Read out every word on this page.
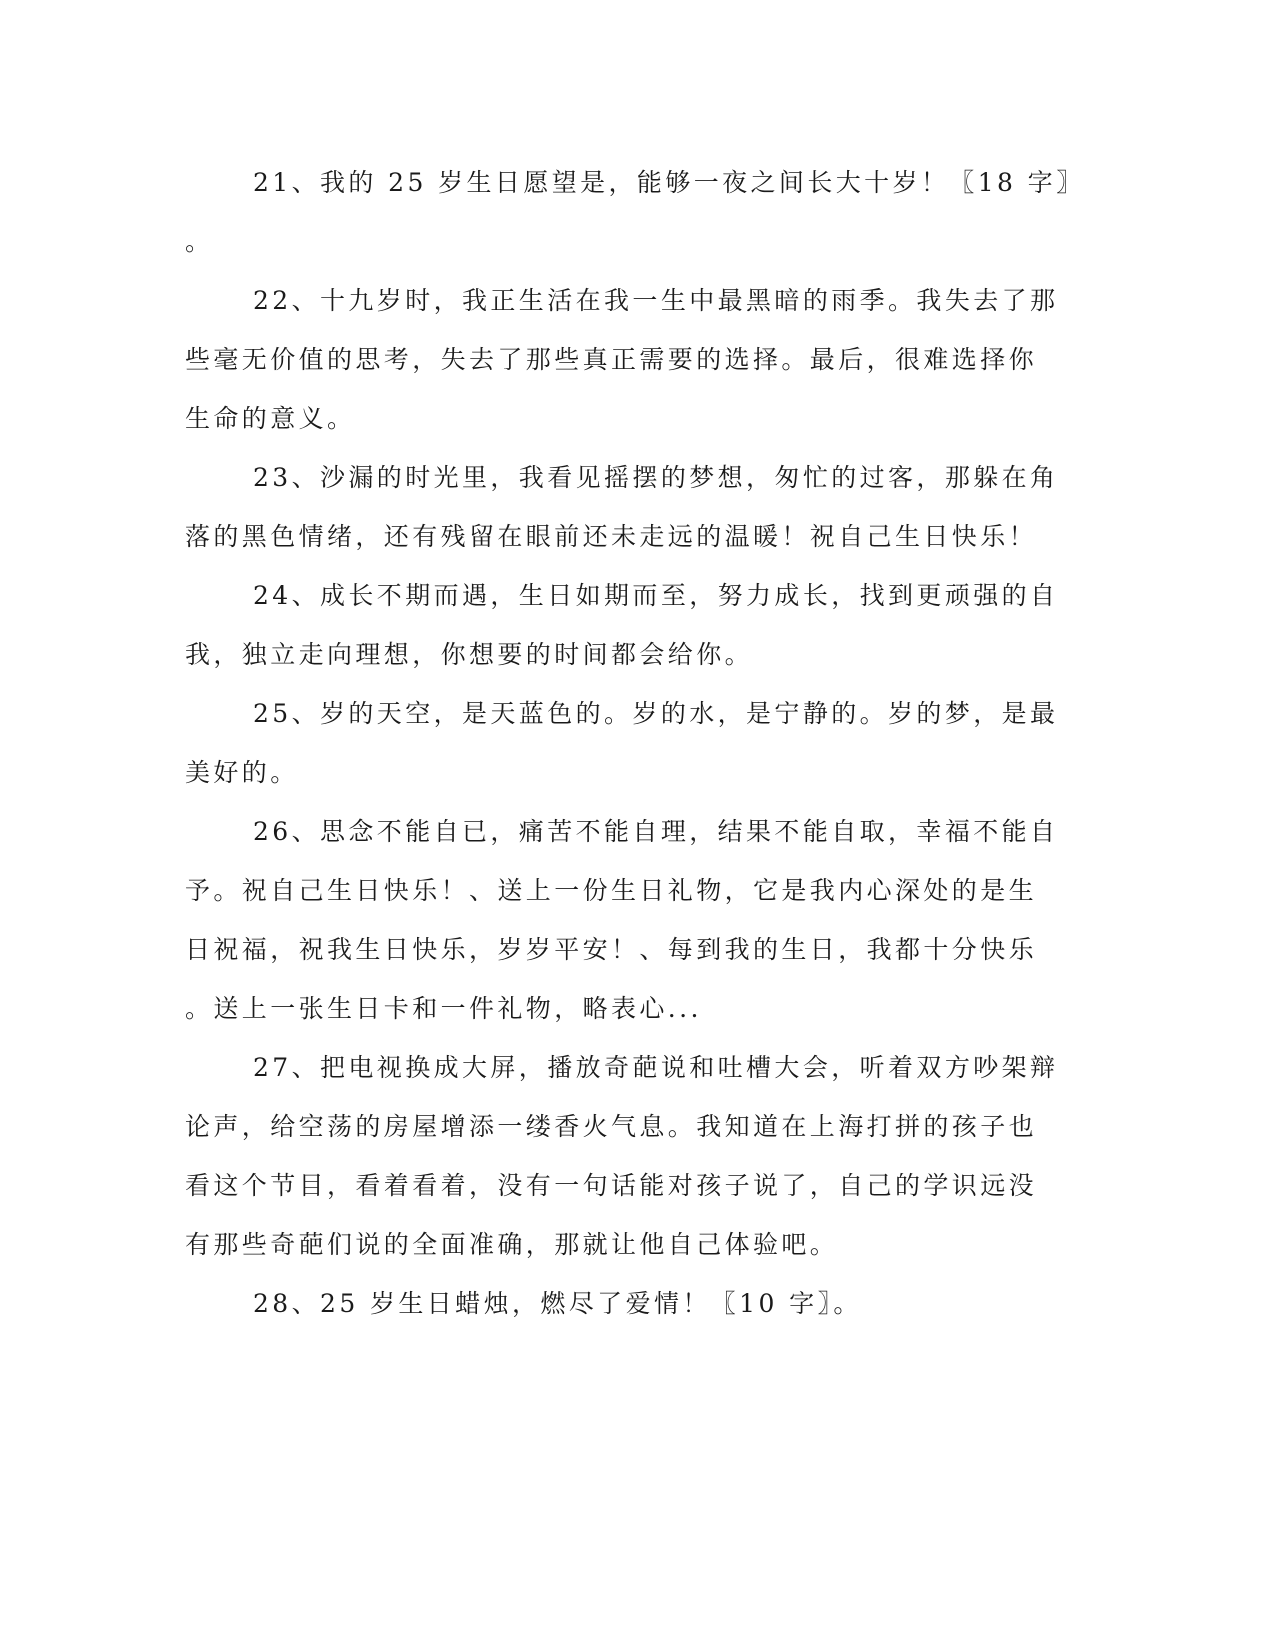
21、我的 25 岁生日愿望是，能够一夜之间长大十岁！〖18 字〗
。
22、十九岁时，我正生活在我一生中最黑暗的雨季。我失去了那
些毫无价值的思考，失去了那些真正需要的选择。最后，很难选择你
生命的意义。
23、沙漏的时光里，我看见摇摆的梦想，匆忙的过客，那躲在角
落的黑色情绪，还有残留在眼前还未走远的温暖！祝自己生日快乐！
24、成长不期而遇，生日如期而至，努力成长，找到更顽强的自
我，独立走向理想，你想要的时间都会给你。
25、岁的天空，是天蓝色的。岁的水，是宁静的。岁的梦，是最
美好的。
26、思念不能自已，痛苦不能自理，结果不能自取，幸福不能自
予。祝自己生日快乐！、送上一份生日礼物，它是我内心深处的是生
日祝福，祝我生日快乐，岁岁平安！、每到我的生日，我都十分快乐
。送上一张生日卡和一件礼物，略表心...
27、把电视换成大屏，播放奇葩说和吐槽大会，听着双方吵架辩
论声，给空荡的房屋增添一缕香火气息。我知道在上海打拼的孩子也
看这个节目，看着看着，没有一句话能对孩子说了，自己的学识远没
有那些奇葩们说的全面准确，那就让他自己体验吧。
28、25 岁生日蜡烛，燃尽了爱情！〖10 字〗。
